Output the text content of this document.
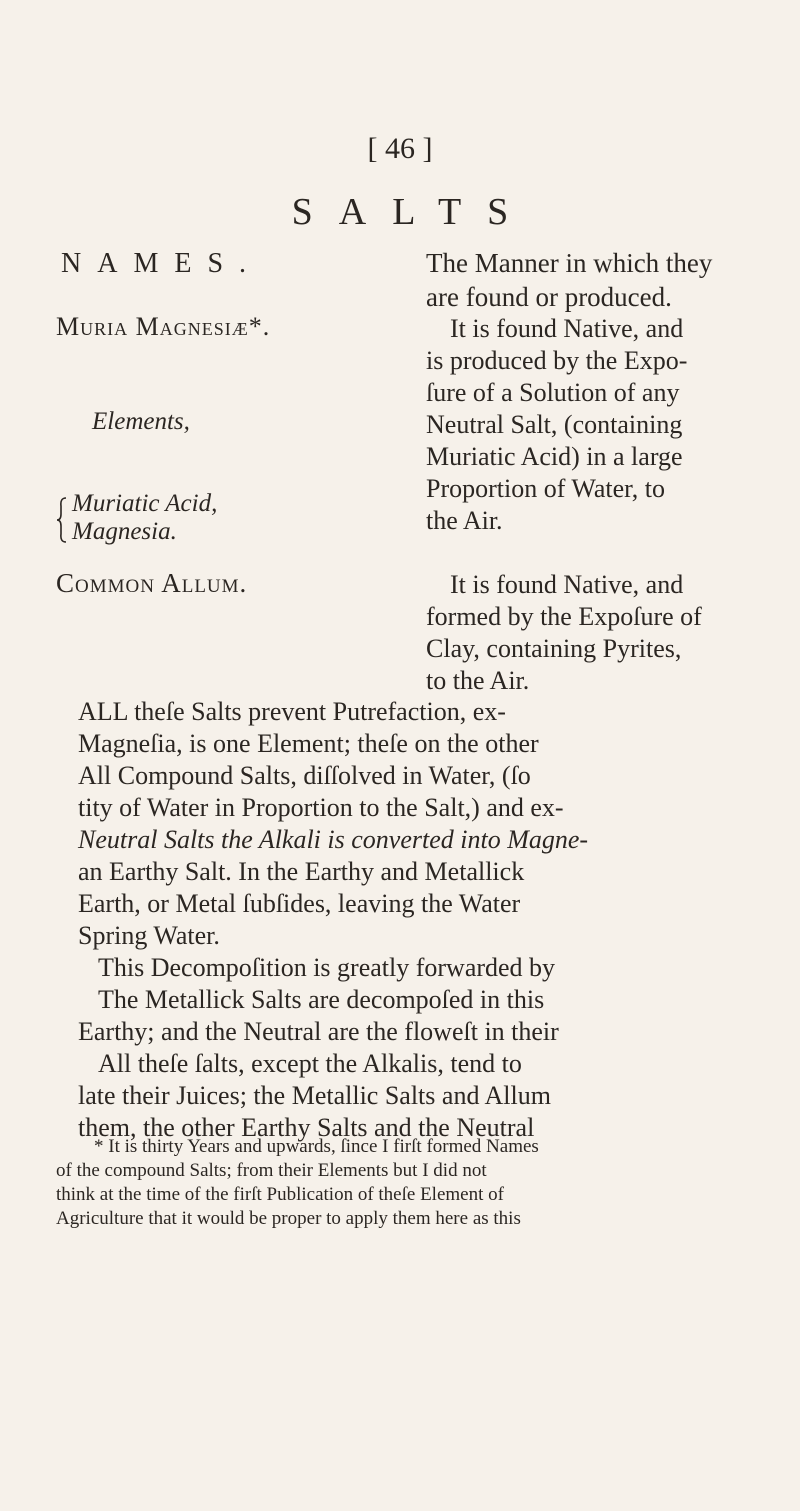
[ 46 ]
SALTS
NAMES.	The Manner in which they
are found or produced.
Muria Magnesiæ*.
Elements,
Muriatic Acid,
Magnesia.
It is found Native, and
is produced by the Expo-
ſure of a Solution of any
Neutral Salt, (containing
Muriatic Acid) in a large
Proportion of Water, to
the Air.
Common Allum.	It is found Native, and
formed by the Expoſure of
Clay, containing Pyrites,
to the Air.
ALL theſe Salts prevent Putrefaction, ex-
Magneſia, is one Element; theſe on the other
All Compound Salts, diſſolved in Water, (ſo
tity of Water in Proportion to the Salt,) and ex-
Neutral Salts the Alkali is converted into Magne-
an Earthy Salt. In the Earthy and Metallick
Earth, or Metal ſubſides, leaving the Water
Spring Water.
This Decompoſition is greatly forwarded by
The Metallick Salts are decompoſed in this
Earthy; and the Neutral are the floweſt in their
All theſe ſalts, except the Alkalis, tend to
late their Juices; the Metallic Salts and Allum
them, the other Earthy Salts and the Neutral
* It is thirty Years and upwards, ſince I firſt formed Names
of the compound Salts; from their Elements but I did not
think at the time of the firſt Publication of theſe Element of
Agriculture that it would be proper to apply them here as this
